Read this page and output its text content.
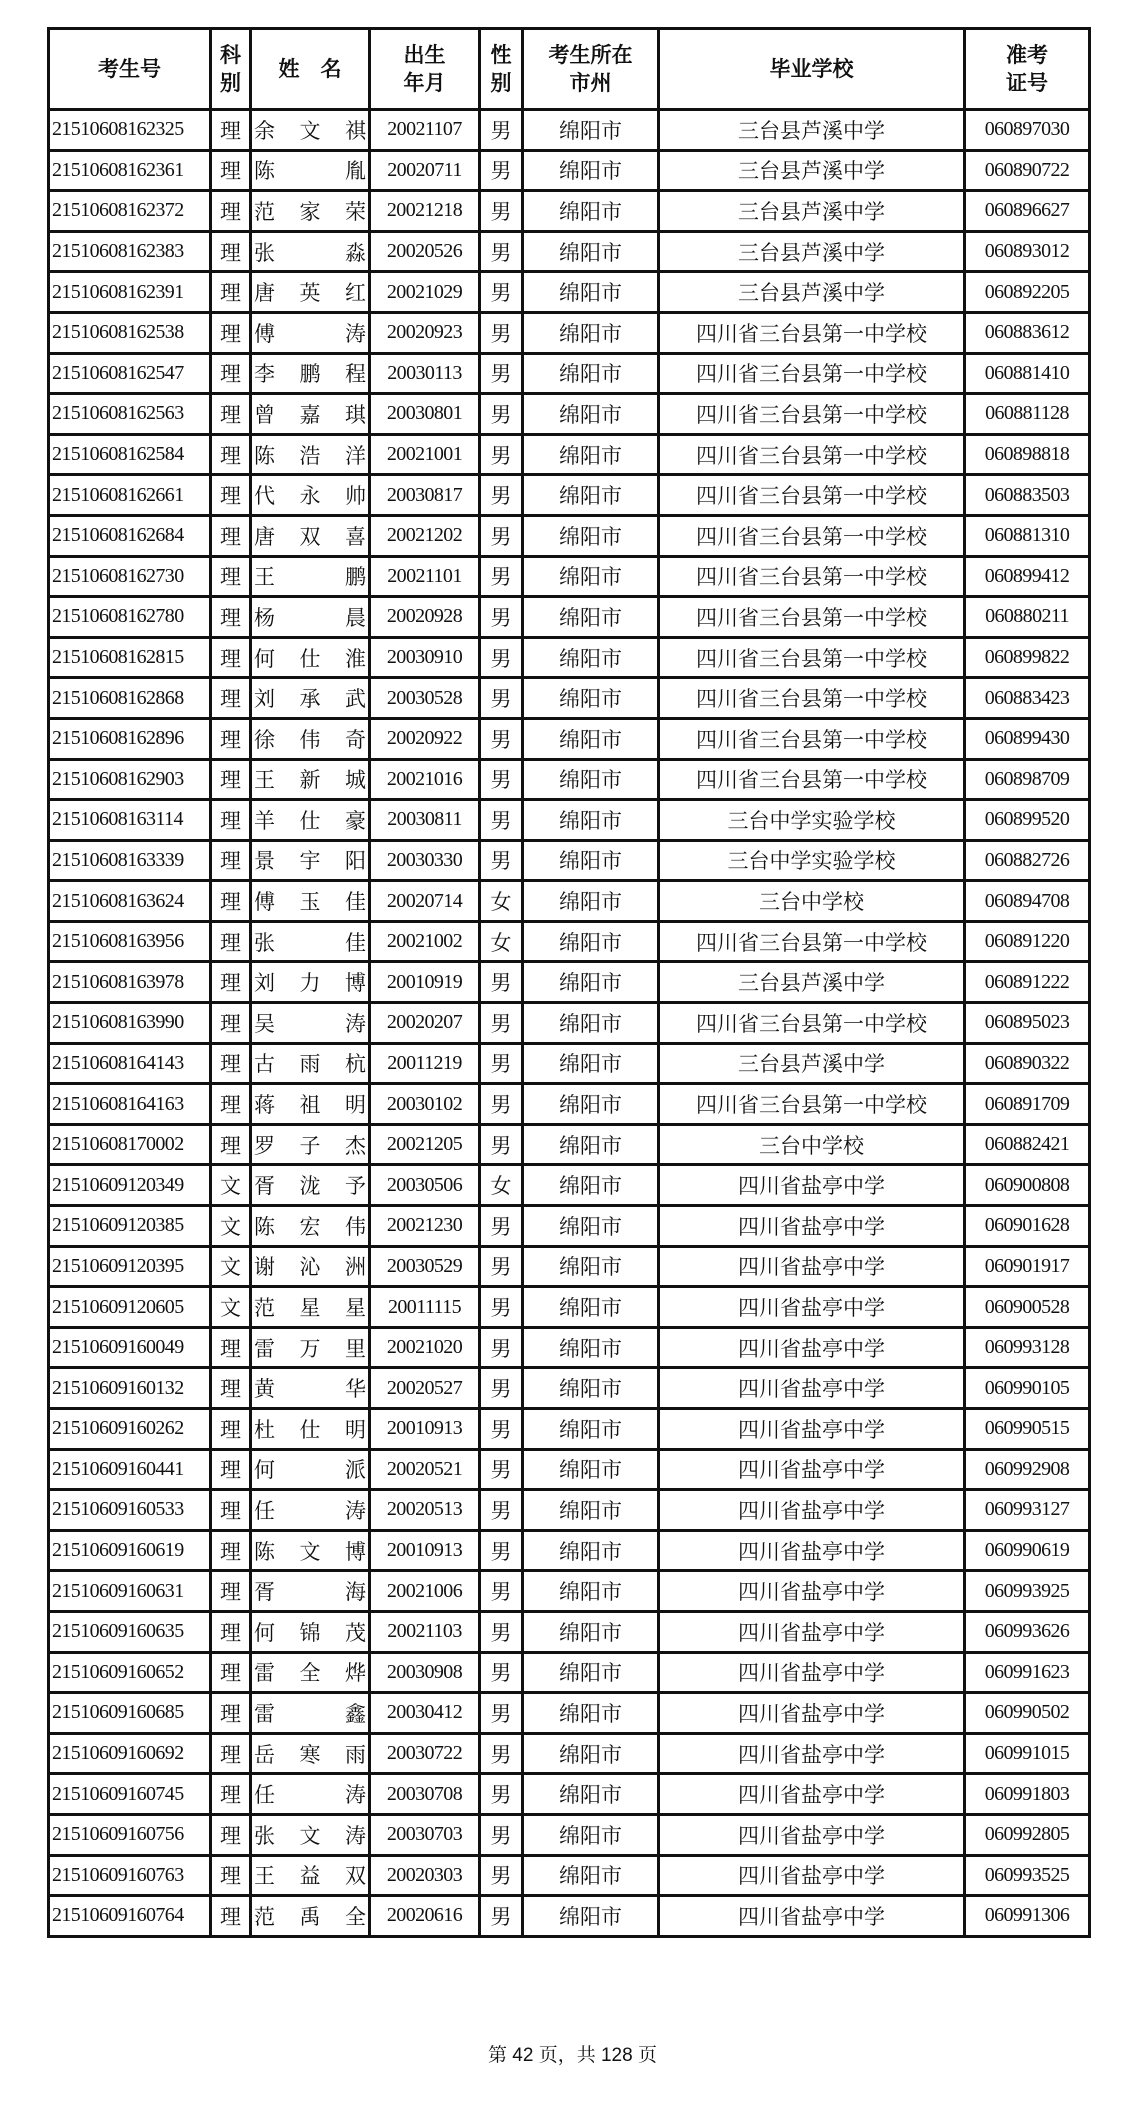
考生号	科别	姓　名	出生年月	性别	考生所在市州	毕业学校	准考证号
21510608162325	理	余文祺	20021107	男	绵阳市	三台县芦溪中学	060897030
21510608162361	理	陈胤	20020711	男	绵阳市	三台县芦溪中学	060890722
21510608162372	理	范家荣	20021218	男	绵阳市	三台县芦溪中学	060896627
21510608162383	理	张淼	20020526	男	绵阳市	三台县芦溪中学	060893012
21510608162391	理	唐英红	20021029	男	绵阳市	三台县芦溪中学	060892205
21510608162538	理	傅涛	20020923	男	绵阳市	四川省三台县第一中学校	060883612
21510608162547	理	李鹏程	20030113	男	绵阳市	四川省三台县第一中学校	060881410
21510608162563	理	曾嘉琪	20030801	男	绵阳市	四川省三台县第一中学校	060881128
21510608162584	理	陈浩洋	20021001	男	绵阳市	四川省三台县第一中学校	060898818
21510608162661	理	代永帅	20030817	男	绵阳市	四川省三台县第一中学校	060883503
21510608162684	理	唐双喜	20021202	男	绵阳市	四川省三台县第一中学校	060881310
21510608162730	理	王鹏	20021101	男	绵阳市	四川省三台县第一中学校	060899412
21510608162780	理	杨晨	20020928	男	绵阳市	四川省三台县第一中学校	060880211
21510608162815	理	何仕淮	20030910	男	绵阳市	四川省三台县第一中学校	060899822
21510608162868	理	刘承武	20030528	男	绵阳市	四川省三台县第一中学校	060883423
21510608162896	理	徐伟奇	20020922	男	绵阳市	四川省三台县第一中学校	060899430
21510608162903	理	王新城	20021016	男	绵阳市	四川省三台县第一中学校	060898709
21510608163114	理	羊仕豪	20030811	男	绵阳市	三台中学实验学校	060899520
21510608163339	理	景宇阳	20030330	男	绵阳市	三台中学实验学校	060882726
21510608163624	理	傅玉佳	20020714	女	绵阳市	三台中学校	060894708
21510608163956	理	张佳	20021002	女	绵阳市	四川省三台县第一中学校	060891220
21510608163978	理	刘力博	20010919	男	绵阳市	三台县芦溪中学	060891222
21510608163990	理	吴涛	20020207	男	绵阳市	四川省三台县第一中学校	060895023
21510608164143	理	古雨杭	20011219	男	绵阳市	三台县芦溪中学	060890322
21510608164163	理	蒋祖明	20030102	男	绵阳市	四川省三台县第一中学校	060891709
21510608170002	理	罗子杰	20021205	男	绵阳市	三台中学校	060882421
21510609120349	文	胥泷予	20030506	女	绵阳市	四川省盐亭中学	060900808
21510609120385	文	陈宏伟	20021230	男	绵阳市	四川省盐亭中学	060901628
21510609120395	文	谢沁洲	20030529	男	绵阳市	四川省盐亭中学	060901917
21510609120605	文	范星星	20011115	男	绵阳市	四川省盐亭中学	060900528
21510609160049	理	雷万里	20021020	男	绵阳市	四川省盐亭中学	060993128
21510609160132	理	黄华	20020527	男	绵阳市	四川省盐亭中学	060990105
21510609160262	理	杜仕明	20010913	男	绵阳市	四川省盐亭中学	060990515
21510609160441	理	何派	20020521	男	绵阳市	四川省盐亭中学	060992908
21510609160533	理	任涛	20020513	男	绵阳市	四川省盐亭中学	060993127
21510609160619	理	陈文博	20010913	男	绵阳市	四川省盐亭中学	060990619
21510609160631	理	胥海	20021006	男	绵阳市	四川省盐亭中学	060993925
21510609160635	理	何锦茂	20021103	男	绵阳市	四川省盐亭中学	060993626
21510609160652	理	雷全烨	20030908	男	绵阳市	四川省盐亭中学	060991623
21510609160685	理	雷鑫	20030412	男	绵阳市	四川省盐亭中学	060990502
21510609160692	理	岳寒雨	20030722	男	绵阳市	四川省盐亭中学	060991015
21510609160745	理	任涛	20030708	男	绵阳市	四川省盐亭中学	060991803
21510609160756	理	张文涛	20030703	男	绵阳市	四川省盐亭中学	060992805
21510609160763	理	王益双	20020303	男	绵阳市	四川省盐亭中学	060993525
21510609160764	理	范禹全	20020616	男	绵阳市	四川省盐亭中学	060991306
第 42 页，共 128 页
